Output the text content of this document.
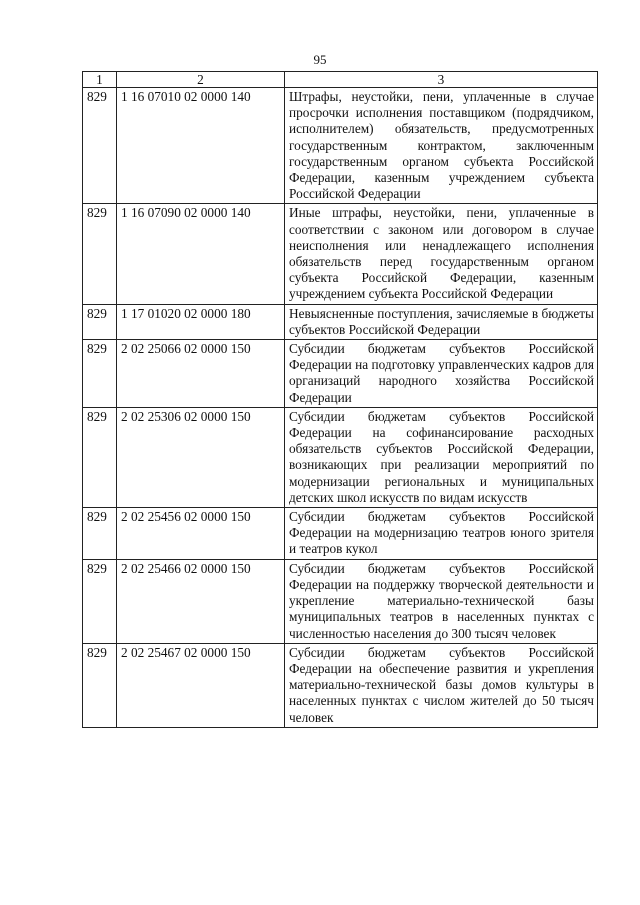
95
1	2	3
829	1 16 07010 02 0000 140	Штрафы, неустойки, пени, уплаченные в случае просрочки исполнения поставщиком (подрядчиком, исполнителем) обязательств, предусмотренных государственным контрактом, заключенным государственным органом субъекта Российской Федерации, казенным учреждением субъекта Российской Федерации
829	1 16 07090 02 0000 140	Иные штрафы, неустойки, пени, уплаченные в соответствии с законом или договором в случае неисполнения или ненадлежащего исполнения обязательств перед государственным органом субъекта Российской Федерации, казенным учреждением субъекта Российской Федерации
829	1 17 01020 02 0000 180	Невыясненные поступления, зачисляемые в бюджеты субъектов Российской Федерации
829	2 02 25066 02 0000 150	Субсидии бюджетам субъектов Российской Федерации на подготовку управленческих кадров для организаций народного хозяйства Российской Федерации
829	2 02 25306 02 0000 150	Субсидии бюджетам субъектов Российской Федерации на софинансирование расходных обязательств субъектов Российской Федерации, возникающих при реализации мероприятий по модернизации региональных и муниципальных детских школ искусств по видам искусств
829	2 02 25456 02 0000 150	Субсидии бюджетам субъектов Российской Федерации на модернизацию театров юного зрителя и театров кукол
829	2 02 25466 02 0000 150	Субсидии бюджетам субъектов Российской Федерации на поддержку творческой деятельности и укрепление материально-технической базы муниципальных театров в населенных пунктах с численностью населения до 300 тысяч человек
829	2 02 25467 02 0000 150	Субсидии бюджетам субъектов Российской Федерации на обеспечение развития и укрепления материально-технической базы домов культуры в населенных пунктах с числом жителей до 50 тысяч человек
